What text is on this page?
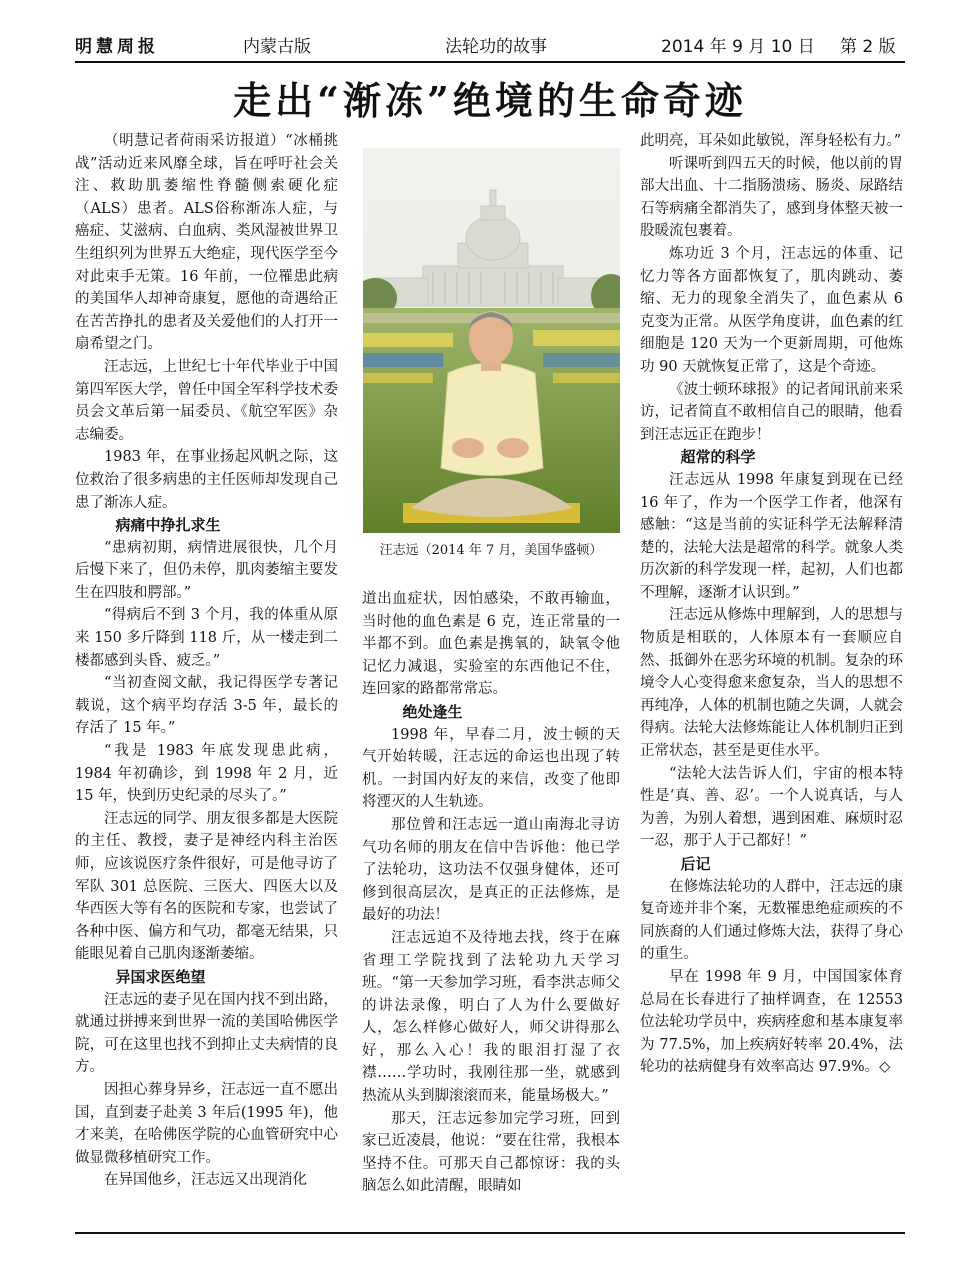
明慧周报	内蒙古版	法轮功的故事	2014 年 9 月 10 日 第 2 版
走出“渐冻”绝境的生命奇迹

（明慧记者荷雨采访报道）“冰桶挑战”活动近来风靡全球，旨在呼吁社会关注、救助肌萎缩性脊髓侧索硬化症（ALS）患者。ALS俗称渐冻人症，与癌症、艾滋病、白血病、类风湿被世界卫生组织列为世界五大绝症，现代医学至今对此束手无策。16 年前，一位罹患此病的美国华人却神奇康复，愿他的奇遇给正在苦苦挣扎的患者及关爱他们的人打开一扇希望之门。

汪志远，上世纪七十年代毕业于中国第四军医大学，曾任中国全军科学技术委员会文革后第一届委员、《航空军医》杂志编委。

1983 年，在事业扬起风帆之际，这位救治了很多病患的主任医师却发现自己患了渐冻人症。

病痛中挣扎求生

“患病初期，病情进展很快，几个月后慢下来了，但仍未停，肌肉萎缩主要发生在四肢和腭部。”

“得病后不到 3 个月，我的体重从原来 150 多斤降到 118 斤，从一楼走到二楼都感到头昏、疲乏。”

“当初查阅文献，我记得医学专著记载说，这个病平均存活 3-5 年，最长的存活了 15 年。”

“我是 1983 年底发现患此病，1984 年初确诊，到 1998 年 2 月，近 15 年，快到历史纪录的尽头了。”

汪志远的同学、朋友很多都是大医院的主任、教授，妻子是神经内科主治医师，应该说医疗条件很好，可是他寻访了军队 301 总医院、三医大、四医大以及华西医大等有名的医院和专家，也尝试了各种中医、偏方和气功，都毫无结果，只能眼见着自己肌肉逐渐萎缩。

异国求医绝望

汪志远的妻子见在国内找不到出路，就通过拼搏来到世界一流的美国哈佛医学院，可在这里也找不到抑止丈夫病情的良方。

因担心葬身异乡，汪志远一直不愿出国，直到妻子赴美 3 年后(1995 年)，他才来美，在哈佛医学院的心血管研究中心做显微移植研究工作。

在异国他乡，汪志远又出现消化

汪志远（2014 年 7 月，美国华盛顿）

道出血症状，因怕感染，不敢再输血，当时他的血色素是 6 克，连正常量的一半都不到。血色素是携氧的，缺氧令他记忆力减退，实验室的东西他记不住，连回家的路都常常忘。

绝处逢生

1998 年，早春二月，波士顿的天气开始转暖，汪志远的命运也出现了转机。一封国内好友的来信，改变了他即将湮灭的人生轨迹。

那位曾和汪志远一道山南海北寻访气功名师的朋友在信中告诉他：他已学了法轮功，这功法不仅强身健体，还可修到很高层次，是真正的正法修炼，是最好的功法！

汪志远迫不及待地去找，终于在麻省理工学院找到了法轮功九天学习班。“第一天参加学习班，看李洪志师父的讲法录像，明白了人为什么要做好人，怎么样修心做好人，师父讲得那么好，那么入心！我的眼泪打湿了衣襟……学功时，我刚往那一坐，就感到热流从头到脚滚滚而来，能量场极大。”

那天，汪志远参加完学习班，回到家已近凌晨，他说：“要在往常，我根本坚持不住。可那天自己都惊讶：我的头脑怎么如此清醒，眼睛如

此明亮，耳朵如此敏锐，浑身轻松有力。”

听课听到四五天的时候，他以前的胃部大出血、十二指肠溃疡、肠炎、尿路结石等病痛全都消失了，感到身体整天被一股暖流包裹着。

炼功近 3 个月，汪志远的体重、记忆力等各方面都恢复了，肌肉跳动、萎缩、无力的现象全消失了，血色素从 6 克变为正常。从医学角度讲，血色素的红细胞是 120 天为一个更新周期，可他炼功 90 天就恢复正常了，这是个奇迹。

《波士顿环球报》的记者闻讯前来采访，记者简直不敢相信自己的眼睛，他看到汪志远正在跑步！

超常的科学

汪志远从 1998 年康复到现在已经 16 年了，作为一个医学工作者，他深有感触：“这是当前的实证科学无法解释清楚的，法轮大法是超常的科学。就象人类历次新的科学发现一样，起初，人们也都不理解，逐渐才认识到。”

汪志远从修炼中理解到，人的思想与物质是相联的，人体原本有一套顺应自然、抵御外在恶劣环境的机制。复杂的环境令人心变得愈来愈复杂，当人的思想不再纯净，人体的机制也随之失调，人就会得病。法轮大法修炼能让人体机制归正到正常状态，甚至是更佳水平。

“法轮大法告诉人们，宇宙的根本特性是‘真、善、忍’。一个人说真话，与人为善，为别人着想，遇到困难、麻烦时忍一忍，那于人于己都好！”

后记

在修炼法轮功的人群中，汪志远的康复奇迹并非个案，无数罹患绝症顽疾的不同族裔的人们通过修炼大法，获得了身心的重生。

早在 1998 年 9 月，中国国家体育总局在长春进行了抽样调查，在 12553 位法轮功学员中，疾病痊愈和基本康复率为 77.5%，加上疾病好转率 20.4%，法轮功的祛病健身有效率高达 97.9%。◇
